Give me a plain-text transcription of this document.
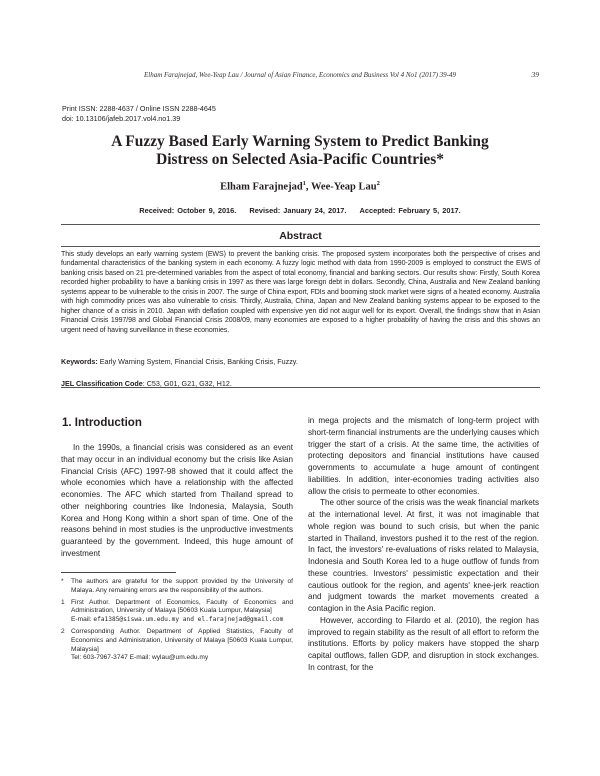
Elham Farajnejad, Wee-Yeap Lau / Journal of Asian Finance, Economics and Business Vol 4 No1 (2017) 39-49	39
Print ISSN: 2288-4637 / Online ISSN 2288-4645
doi: 10.13106/jafeb.2017.vol4.no1.39
A Fuzzy Based Early Warning System to Predict Banking
Distress on Selected Asia-Pacific Countries*
Elham Farajnejad$^1$, Wee-Yeap Lau$^2$
Received: October 9, 2016. Revised: January 24, 2017. Accepted: February 5, 2017.
Abstract
This study develops an early warning system (EWS) to prevent the banking crisis. The proposed system incorporates both the perspective of crises and fundamental characteristics of the banking system in each economy. A fuzzy logic method with data from 1990-2009 is employed to construct the EWS of banking crisis based on 21 pre-determined variables from the aspect of total economy, financial and banking sectors. Our results show: Firstly, South Korea recorded higher probability to have a banking crisis in 1997 as there was large foreign debt in dollars. Secondly, China, Australia and New Zealand banking systems appear to be vulnerable to the crisis in 2007. The surge of China export, FDIs and booming stock market were signs of a heated economy. Australia with high commodity prices was also vulnerable to crisis. Thirdly, Australia, China, Japan and New Zealand banking systems appear to be exposed to the higher chance of a crisis in 2010. Japan with deflation coupled with expensive yen did not augur well for its export. Overall, the findings show that in Asian Financial Crisis 1997/98 and Global Financial Crisis 2008/09, many economies are exposed to a higher probability of having the crisis and this shows an urgent need of having surveillance in these economies.
Keywords: Early Warning System, Financial Crisis, Banking Crisis, Fuzzy.
JEL Classification Code: C53, G01, G21, G32, H12.
1. Introduction

In the 1990s, a financial crisis was considered as an event that may occur in an individual economy but the crisis like Asian Financial Crisis (AFC) 1997-98 showed that it could affect the whole economies which have a relationship with the affected economies. The AFC which started from Thailand spread to other neighboring countries like Indonesia, Malaysia, South Korea and Hong Kong within a short span of time. One of the reasons behind in most studies is the unproductive investments guaranteed by the government. Indeed, this huge amount of investment

* The authors are grateful for the support provided by the University of Malaya. Any remaining errors are the responsibility of the authors.
1 First Author. Department of Economics, Faculty of Economics and Administration, University of Malaya [50603 Kuala Lumpur, Malaysia]
E-mail: efa1385@siswa.um.edu.my and el.farajnejad@gmail.com
2 Corresponding Author. Department of Applied Statistics, Faculty of Economics and Administration, University of Malaya [50603 Kuala Lumpur, Malaysia]
Tel: 603-7967-3747 E-mail: wylau@um.edu.my

in mega projects and the mismatch of long-term project with short-term financial instruments are the underlying causes which trigger the start of a crisis. At the same time, the activities of protecting depositors and financial institutions have caused governments to accumulate a huge amount of contingent liabilities. In addition, inter-economies trading activities also allow the crisis to permeate to other economies.

The other source of the crisis was the weak financial markets at the international level. At first, it was not imaginable that whole region was bound to such crisis, but when the panic started in Thailand, investors pushed it to the rest of the region. In fact, the investors' re-evaluations of risks related to Malaysia, Indonesia and South Korea led to a huge outflow of funds from these countries. Investors' pessimistic expectation and their cautious outlook for the region, and agents' knee-jerk reaction and judgment towards the market movements created a contagion in the Asia Pacific region.

However, according to Filardo et al. (2010), the region has improved to regain stability as the result of all effort to reform the institutions. Efforts by policy makers have stopped the sharp capital outflows, fallen GDP, and disruption in stock exchanges. In contrast, for the
